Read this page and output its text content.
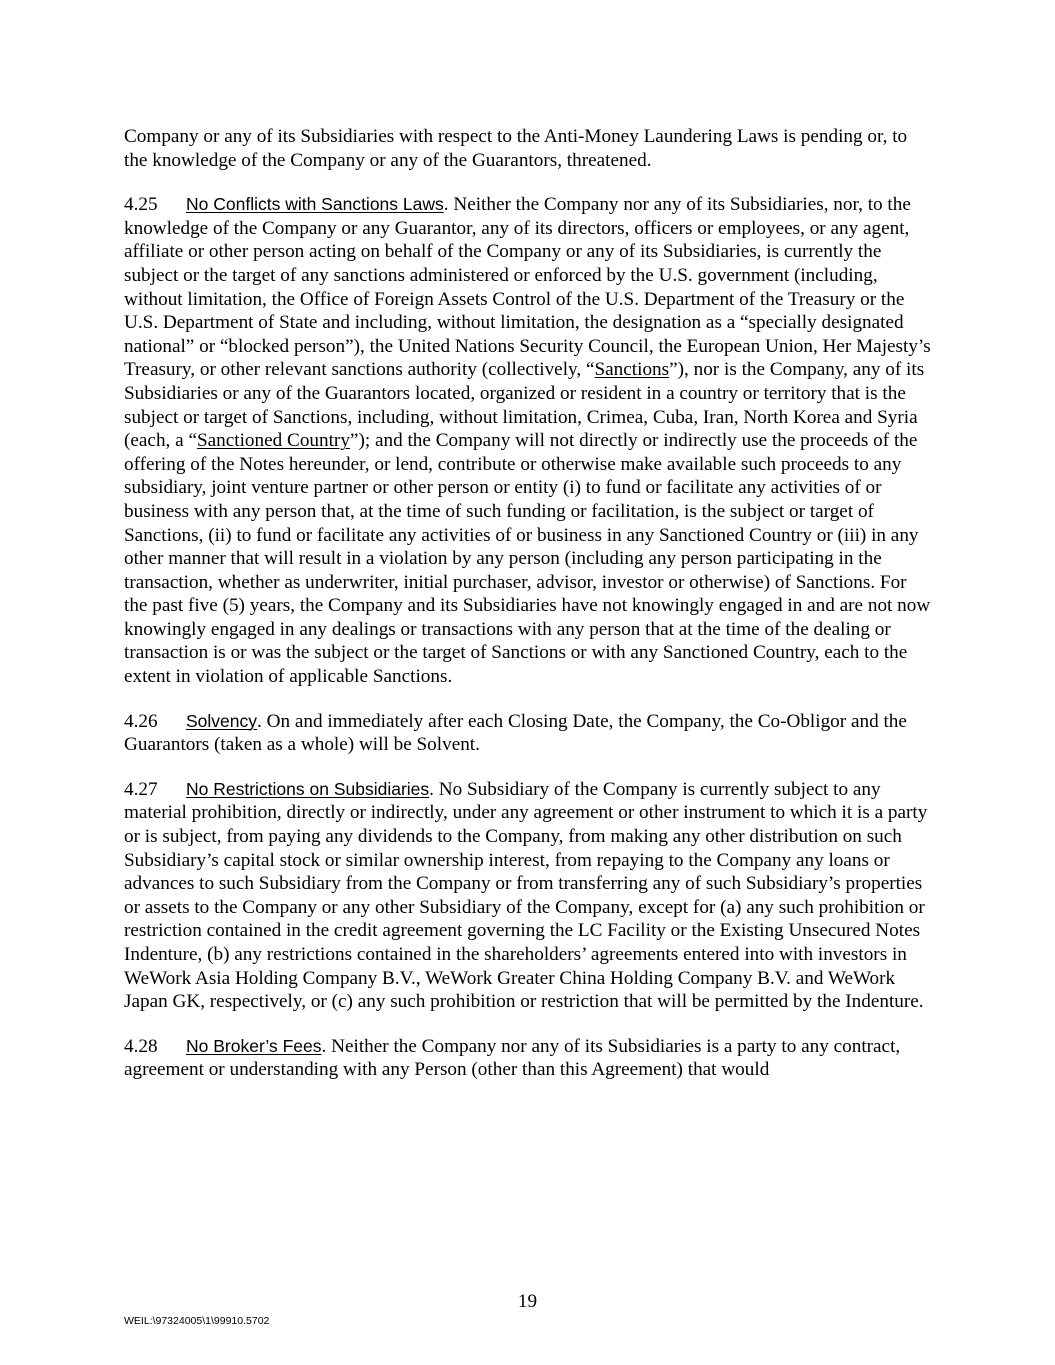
Company or any of its Subsidiaries with respect to the Anti-Money Laundering Laws is pending or, to the knowledge of the Company or any of the Guarantors, threatened.

4.25 No Conflicts with Sanctions Laws. Neither the Company nor any of its Subsidiaries, nor, to the knowledge of the Company or any Guarantor, any of its directors, officers or employees, or any agent, affiliate or other person acting on behalf of the Company or any of its Subsidiaries, is currently the subject or the target of any sanctions administered or enforced by the U.S. government (including, without limitation, the Office of Foreign Assets Control of the U.S. Department of the Treasury or the U.S. Department of State and including, without limitation, the designation as a “specially designated national” or “blocked person”), the United Nations Security Council, the European Union, Her Majesty’s Treasury, or other relevant sanctions authority (collectively, “Sanctions”), nor is the Company, any of its Subsidiaries or any of the Guarantors located, organized or resident in a country or territory that is the subject or target of Sanctions, including, without limitation, Crimea, Cuba, Iran, North Korea and Syria (each, a “Sanctioned Country”); and the Company will not directly or indirectly use the proceeds of the offering of the Notes hereunder, or lend, contribute or otherwise make available such proceeds to any subsidiary, joint venture partner or other person or entity (i) to fund or facilitate any activities of or business with any person that, at the time of such funding or facilitation, is the subject or target of Sanctions, (ii) to fund or facilitate any activities of or business in any Sanctioned Country or (iii) in any other manner that will result in a violation by any person (including any person participating in the transaction, whether as underwriter, initial purchaser, advisor, investor or otherwise) of Sanctions. For the past five (5) years, the Company and its Subsidiaries have not knowingly engaged in and are not now knowingly engaged in any dealings or transactions with any person that at the time of the dealing or transaction is or was the subject or the target of Sanctions or with any Sanctioned Country, each to the extent in violation of applicable Sanctions.

4.26 Solvency. On and immediately after each Closing Date, the Company, the Co-Obligor and the Guarantors (taken as a whole) will be Solvent.

4.27 No Restrictions on Subsidiaries. No Subsidiary of the Company is currently subject to any material prohibition, directly or indirectly, under any agreement or other instrument to which it is a party or is subject, from paying any dividends to the Company, from making any other distribution on such Subsidiary’s capital stock or similar ownership interest, from repaying to the Company any loans or advances to such Subsidiary from the Company or from transferring any of such Subsidiary’s properties or assets to the Company or any other Subsidiary of the Company, except for (a) any such prohibition or restriction contained in the credit agreement governing the LC Facility or the Existing Unsecured Notes Indenture, (b) any restrictions contained in the shareholders’ agreements entered into with investors in WeWork Asia Holding Company B.V., WeWork Greater China Holding Company B.V. and WeWork Japan GK, respectively, or (c) any such prohibition or restriction that will be permitted by the Indenture.

4.28 No Broker’s Fees. Neither the Company nor any of its Subsidiaries is a party to any contract, agreement or understanding with any Person (other than this Agreement) that would

19
WEIL:\97324005\1\99910.5702
